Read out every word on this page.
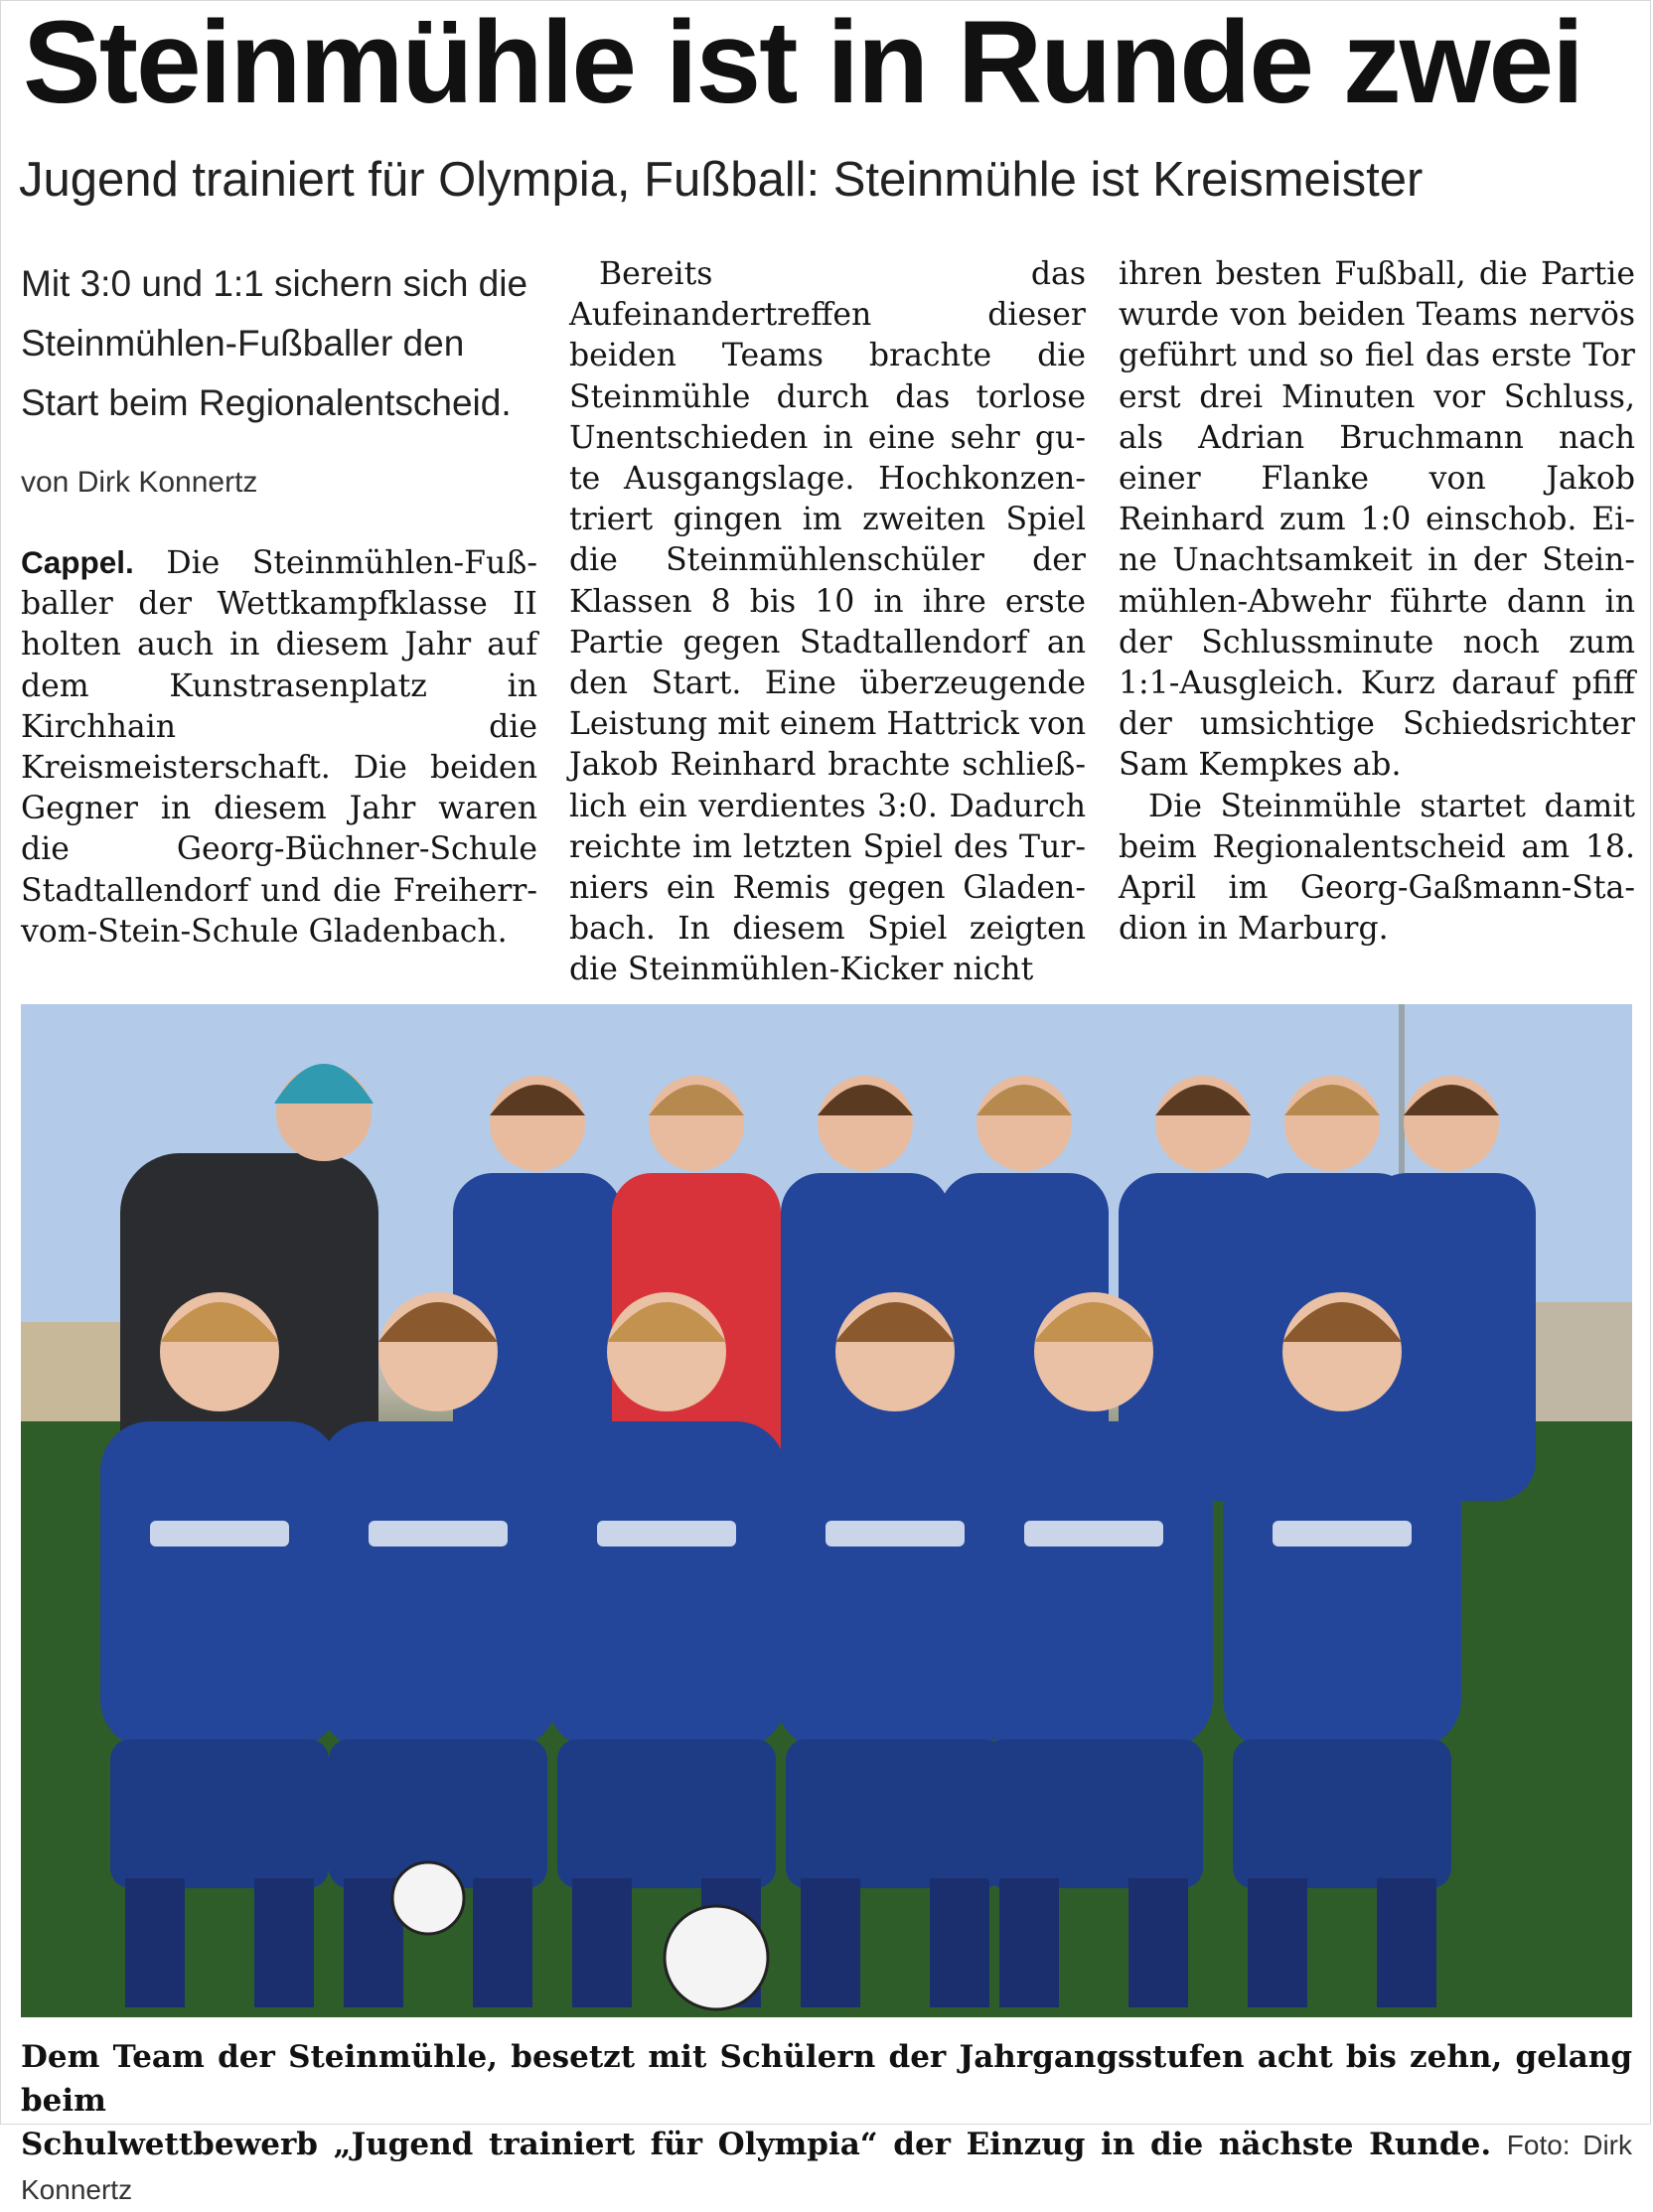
Steinmühle ist in Runde zwei
Jugend trainiert für Olympia, Fußball: Steinmühle ist Kreismeister

Mit 3:0 und 1:1 sichern sich die Steinmühlen-Fußballer den Start beim Regionalentscheid.

von Dirk Konnertz

Cappel. Die Steinmühlen-Fußballer der Wettkampfklasse II holten auch in diesem Jahr auf dem Kunstrasenplatz in Kirchhain die Kreismeisterschaft. Die beiden Gegner in diesem Jahr waren die Georg-Büchner-Schule Stadtallendorf und die Freiherr-vom-Stein-Schule Gladenbach.

Bereits das Aufeinandertreffen dieser beiden Teams brachte die Steinmühle durch das torlose Unentschieden in eine sehr gute Ausgangslage. Hochkonzentriert gingen im zweiten Spiel die Steinmühlenschüler der Klassen 8 bis 10 in ihre erste Partie gegen Stadtallendorf an den Start. Eine überzeugende Leistung mit einem Hattrick von Jakob Reinhard brachte schließlich ein verdientes 3:0. Dadurch reichte im letzten Spiel des Turniers ein Remis gegen Gladenbach. In diesem Spiel zeigten die Steinmühlen-Kicker nicht

ihren besten Fußball, die Partie wurde von beiden Teams nervös geführt und so fiel das erste Tor erst drei Minuten vor Schluss, als Adrian Bruchmann nach einer Flanke von Jakob Reinhard zum 1:0 einschob. Eine Unachtsamkeit in der Steinmühlen-Abwehr führte dann in der Schlussminute noch zum 1:1-Ausgleich. Kurz darauf pfiff der umsichtige Schiedsrichter Sam Kempkes ab.

Die Steinmühle startet damit beim Regionalentscheid am 18. April im Georg-Gaßmann-Stadion in Marburg.

Dem Team der Steinmühle, besetzt mit Schülern der Jahrgangsstufen acht bis zehn, gelang beim
Schulwettbewerb „Jugend trainiert für Olympia“ der Einzug in die nächste Runde. Foto: Dirk Konnertz
